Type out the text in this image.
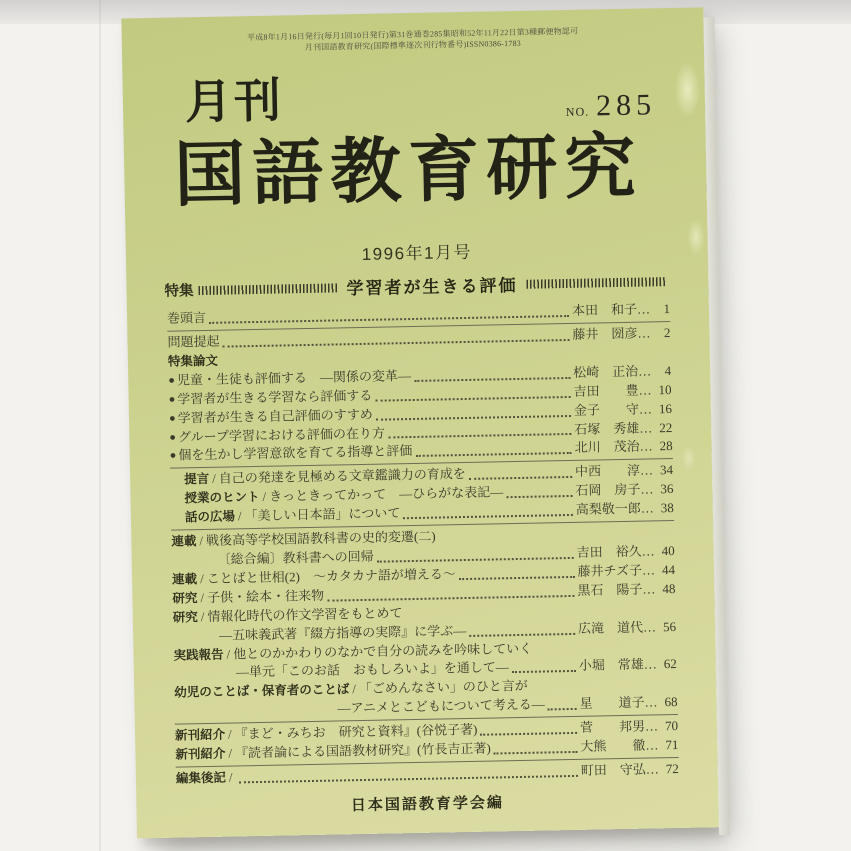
平成8年1月16日発行(毎月1回10日発行)第31巻通巻285集昭和52年11月22日第3種郵便物認可
月刊国語教育研究(国際標準逐次刊行物番号)ISSN0386-1783
月刊	NO. 285
国語教育研究
1996年1月号
特集	学習者が生きる評価
巻頭言	本田　和子 …	1
問題提起	藤井　圀彦 …	2
特集論文
● 児童・生徒も評価する　―関係の変革―	松崎　正治 …	4
● 学習者が生きる学習なら評価する	吉田　　豊 … 10
● 学習者が生きる自己評価のすすめ	金子　　守 … 16
● グループ学習における評価の在り方	石塚　秀雄 … 22
● 個を生かし学習意欲を育てる指導と評価	北川　茂治 … 28
提言 / 自己の発達を見極める文章鑑識力の育成を	中西　　淳 … 34
授業のヒント / きっときってかって　―ひらがな表記―	石岡　房子 … 36
話の広場 / 「美しい日本語」について	高梨敬一郎 … 38
連載 / 戦後高等学校国語教科書の史的変遷(二)
〔総合編〕教科書への回帰	吉田　裕久 … 40
連載 / ことばと世相(2)　～カタカナ語が増える～	藤井チズ子 … 44
研究 / 子供・絵本・往来物	黒石　陽子 … 48
研究 / 情報化時代の作文学習をもとめて
―五味義武著『綴方指導の実際』に学ぶ―	広滝　道代 … 56
実践報告 / 他とのかかわりのなかで自分の読みを吟味していく
―単元「このお話　おもしろいよ」を通して―	小堀　常雄 … 62
幼児のことば・保育者のことば / 「ごめんなさい」のひと言が
―アニメとこどもについて考える―	星　　道子 … 68
新刊紹介 / 『まど・みちお　研究と資料』(谷悦子著)	菅　　邦男 … 70
新刊紹介 / 『読者論による国語教材研究』(竹長吉正著)	大熊　　徹 … 71
編集後記 /	町田　守弘 … 72
日本国語教育学会編
